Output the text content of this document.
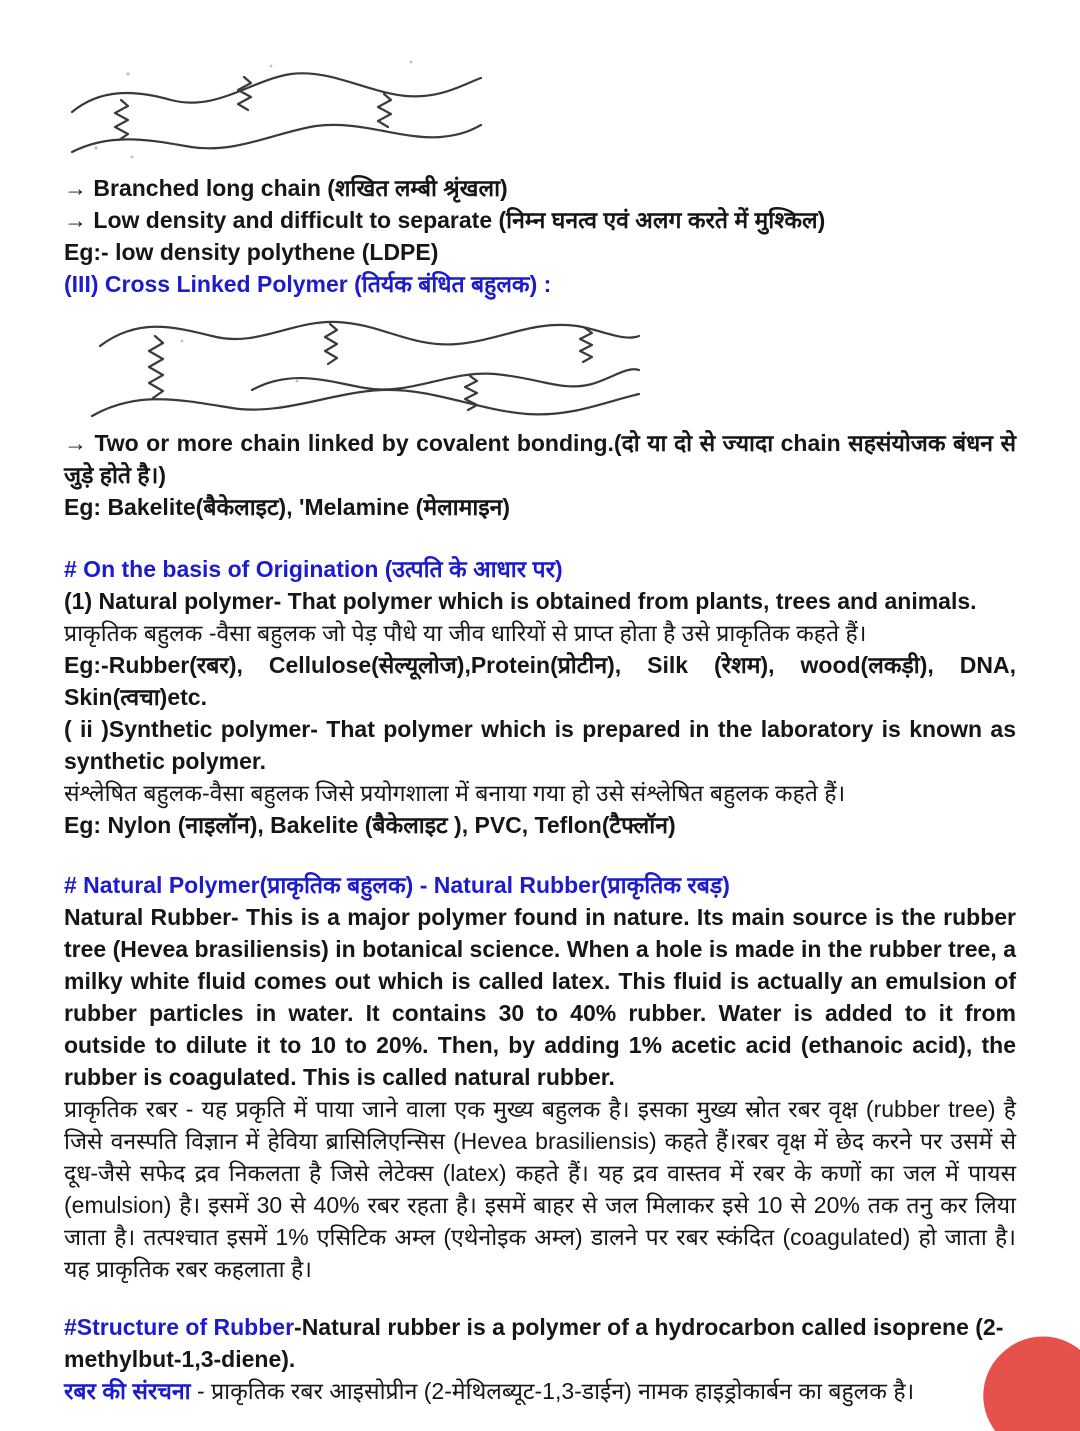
→ Branched long chain (शखित लम्बी श्रृंखला)

→ Low density and difficult to separate (निम्न घनत्व एवं अलग करते में मुश्किल)

Eg:- low density polythene (LDPE)

(III) Cross Linked Polymer (तिर्यक बंधित बहुलक) :

→ Two or more chain linked by covalent bonding.(दो या दो से ज्यादा chain सहसंयोजक बंधन से जुड़े होते है।)

Eg: Bakelite(बैकेलाइट), 'Melamine (मेलामाइन)

# On the basis of Origination (उत्पति के आधार पर)

(1) Natural polymer- That polymer which is obtained from plants, trees and animals.

प्राकृतिक बहुलक -वैसा बहुलक जो पेड़ पौधे या जीव धारियों से प्राप्त होता है उसे प्राकृतिक कहते हैं।

Eg:-Rubber(रबर), Cellulose(सेल्यूलोज),Protein(प्रोटीन), Silk (रेशम), wood(लकड़ी), DNA, Skin(त्वचा)etc.

( ii )Synthetic polymer- That polymer which is prepared in the laboratory is known as synthetic polymer.

संश्लेषित बहुलक-वैसा बहुलक जिसे प्रयोगशाला में बनाया गया हो उसे संश्लेषित बहुलक कहते हैं।

Eg: Nylon (नाइलॉन), Bakelite (बैकेलाइट ), PVC, Teflon(टैफ्लॉन)

# Natural Polymer(प्राकृतिक बहुलक) - Natural Rubber(प्राकृतिक रबड़)

Natural Rubber- This is a major polymer found in nature. Its main source is the rubber tree (Hevea brasiliensis) in botanical science. When a hole is made in the rubber tree, a milky white fluid comes out which is called latex. This fluid is actually an emulsion of rubber particles in water. It contains 30 to 40% rubber. Water is added to it from outside to dilute it to 10 to 20%. Then, by adding 1% acetic acid (ethanoic acid), the rubber is coagulated. This is called natural rubber.

प्राकृतिक रबर - यह प्रकृति में पाया जाने वाला एक मुख्य बहुलक है। इसका मुख्य स्रोत रबर वृक्ष (rubber tree) है जिसे वनस्पति विज्ञान में हेविया ब्रासिलिएन्सिस (Hevea brasiliensis) कहते हैं।रबर वृक्ष में छेद करने पर उसमें से दूध-जैसे सफेद द्रव निकलता है जिसे लेटेक्स (latex) कहते हैं। यह द्रव वास्तव में रबर के कणों का जल में पायस (emulsion) है। इसमें 30 से 40% रबर रहता है। इसमें बाहर से जल मिलाकर इसे 10 से 20% तक तनु कर लिया जाता है। तत्पश्चात इसमें 1% एसिटिक अम्ल (एथेनोइक अम्ल) डालने पर रबर स्कंदित (coagulated) हो जाता है। यह प्राकृतिक रबर कहलाता है।

#Structure of Rubber-Natural rubber is a polymer of a hydrocarbon called isoprene (2-methylbut-1,3-diene).

रबर की संरचना - प्राकृतिक रबर आइसोप्रीन (2-मेथिलब्यूट-1,3-डाईन) नामक हाइड्रोकार्बन का बहुलक है।
